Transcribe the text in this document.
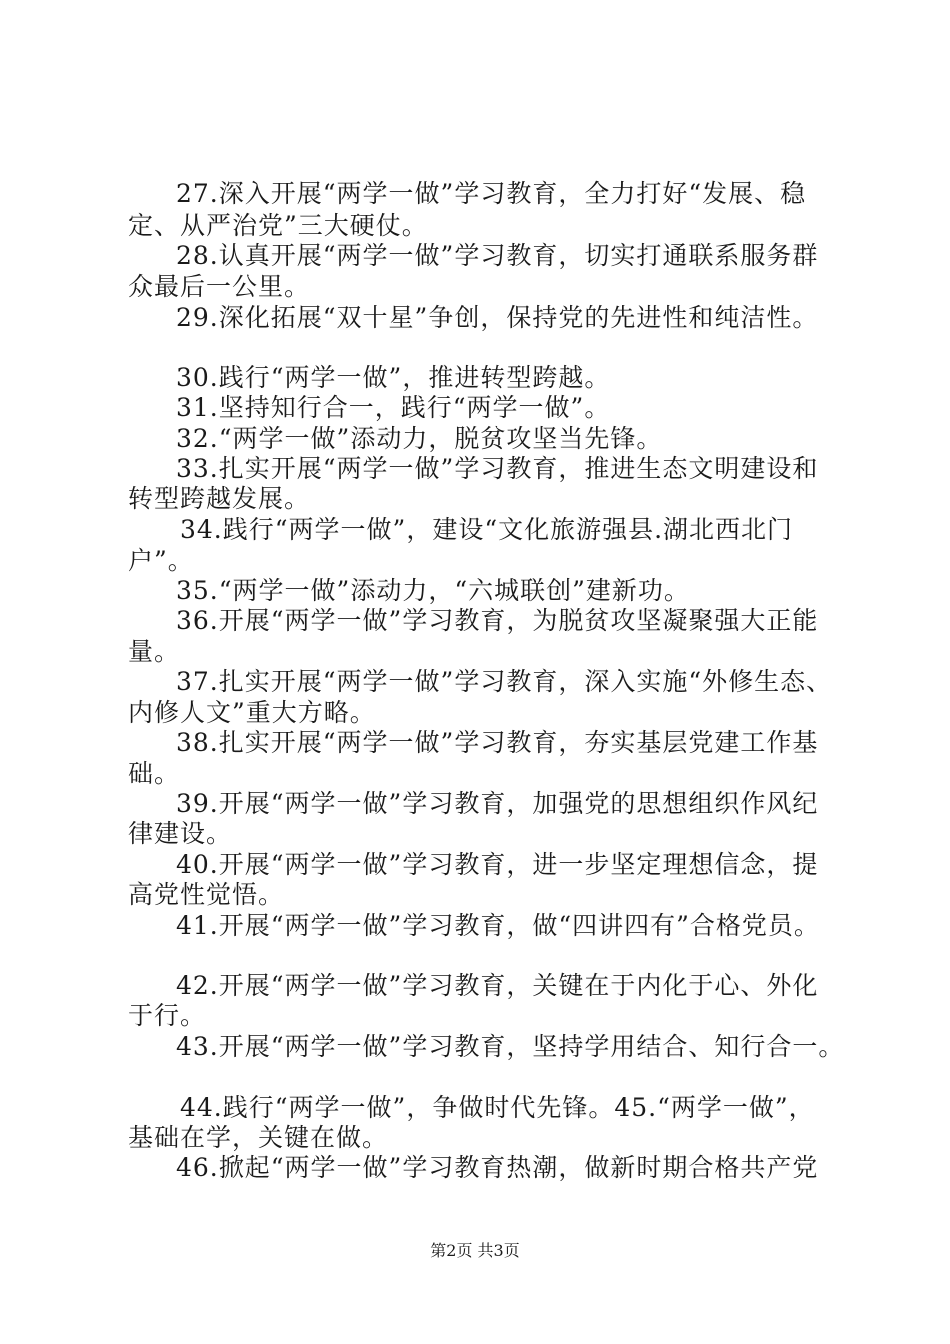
27.深入开展“两学一做”学习教育，全力打好“发展、稳
定、从严治党”三大硬仗。
28.认真开展“两学一做”学习教育，切实打通联系服务群
众最后一公里。
29.深化拓展“双十星”争创，保持党的先进性和纯洁性。
30.践行“两学一做”，推进转型跨越。
31.坚持知行合一，践行“两学一做”。
32.“两学一做”添动力，脱贫攻坚当先锋。
33.扎实开展“两学一做”学习教育，推进生态文明建设和
转型跨越发展。
34.践行“两学一做”，建设“文化旅游强县.湖北西北门
户”。
35.“两学一做”添动力，“六城联创”建新功。
36.开展“两学一做”学习教育，为脱贫攻坚凝聚强大正能
量。
37.扎实开展“两学一做”学习教育，深入实施“外修生态、
内修人文”重大方略。
38.扎实开展“两学一做”学习教育，夯实基层党建工作基
础。
39.开展“两学一做”学习教育，加强党的思想组织作风纪
律建设。
40.开展“两学一做”学习教育，进一步坚定理想信念，提
高党性觉悟。
41.开展“两学一做”学习教育，做“四讲四有”合格党员。
42.开展“两学一做”学习教育，关键在于内化于心、外化
于行。
43.开展“两学一做”学习教育，坚持学用结合、知行合一。
44.践行“两学一做”，争做时代先锋。45.“两学一做”，
基础在学，关键在做。
46.掀起“两学一做”学习教育热潮，做新时期合格共产党
第2页 共3页
